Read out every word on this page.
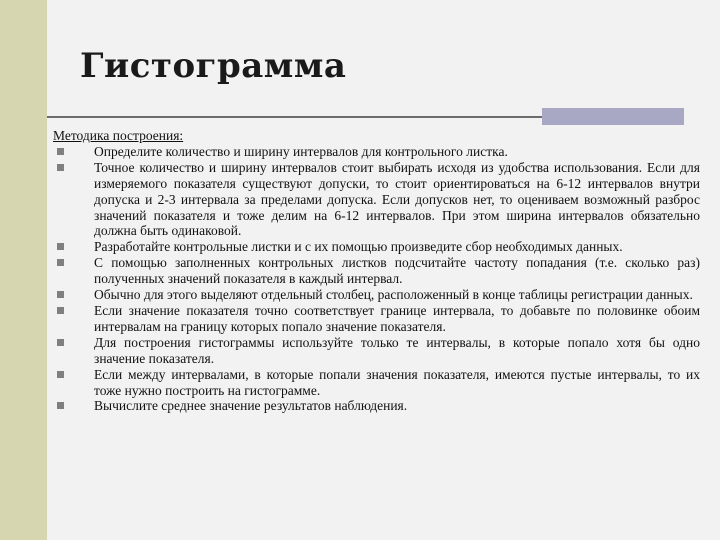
Гистограмма
Методика построения:
Определите количество и ширину интервалов для контрольного листка.
Точное количество и ширину интервалов стоит выбирать исходя из удобства использования. Если для измеряемого показателя существуют допуски, то стоит ориентироваться на 6-12 интервалов внутри допуска и 2-3 интервала за пределами допуска. Если допусков нет, то оцениваем возможный разброс значений показателя и тоже делим на 6-12 интервалов. При этом ширина интервалов обязательно должна быть одинаковой.
Разработайте контрольные листки и с их помощью произведите сбор необходимых данных.
С помощью заполненных контрольных листков подсчитайте частоту попадания (т.е. сколько раз) полученных значений показателя в каждый интервал.
Обычно для этого выделяют отдельный столбец, расположенный в конце таблицы регистрации данных.
Если значение показателя точно соответствует границе интервала, то добавьте по половинке обоим интервалам на границу которых попало значение показателя.
Для построения гистограммы используйте только те интервалы, в которые попало хотя бы одно значение показателя.
Если между интервалами, в которые попали значения показателя, имеются пустые интервалы, то их тоже нужно построить на гистограмме.
Вычислите среднее значение результатов наблюдения.
